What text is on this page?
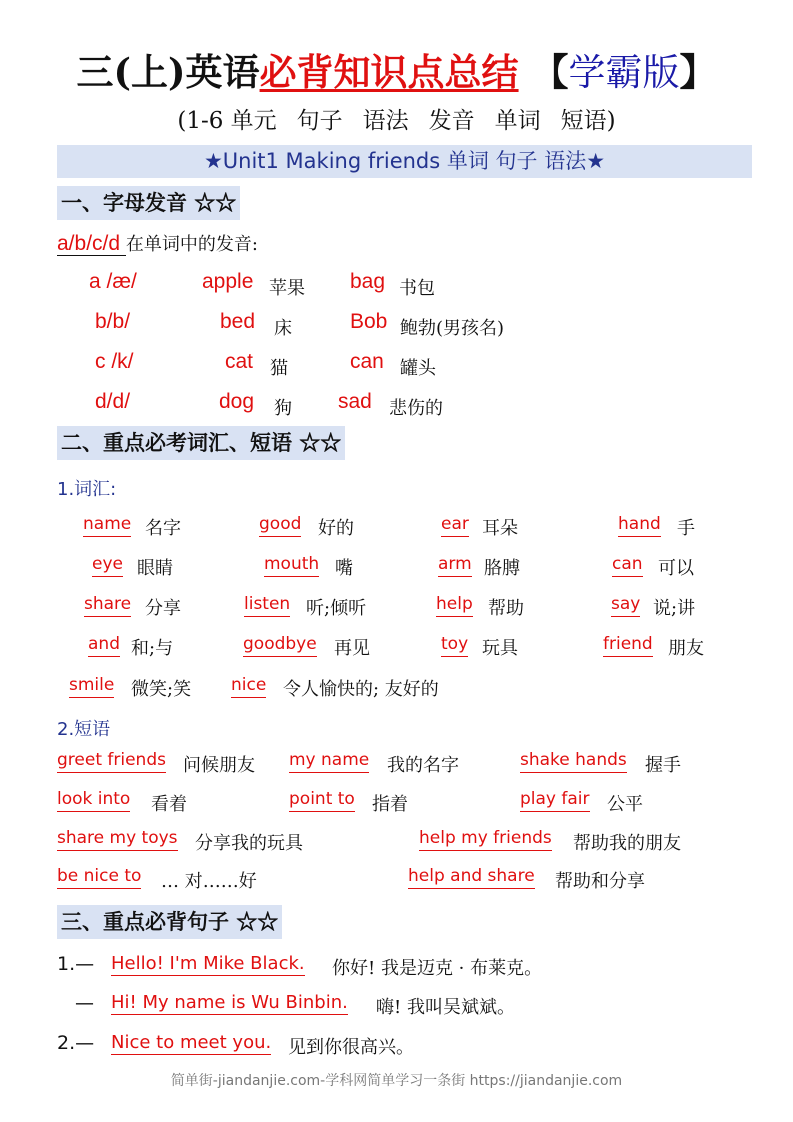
三(上)英语必背知识点总结 【学霸版】
(1-6 单元 句子 语法 发音 单词 短语)
★Unit1 Making friends 单词 句子 语法★
一、字母发音 ☆☆
a/b/c/d 在单词中的发音:
a /æ/	apple 苹果 bag 书包
b/b/	bed 床	Bob 鲍勃(男孩名)
c /k/	cat 猫	can 罐头
d/d/	dog 狗 sad 悲伤的
二、重点必考词汇、短语 ☆☆
1.词汇:
name 名字	good 好的	ear 耳朵	hand 手
eye 眼睛	mouth 嘴	arm 胳膊	can 可以
share 分享	listen 听;倾听	help 帮助	say 说;讲
and 和;与	goodbye 再见	toy 玩具	friend 朋友
smile 微笑;笑 nice 令人愉快的; 友好的
2.短语
greet friends 问候朋友 my name 我的名字	shake hands 握手
look into 看着	point to 指着	play fair 公平
share my toys 分享我的玩具	help my friends 帮助我的朋友
be nice to … 对……好	help and share 帮助和分享
三、重点必背句子 ☆☆
1.— Hello! I'm Mike Black. 你好! 我是迈克 · 布莱克。
— Hi! My name is Wu Binbin. 嗨! 我叫吴斌斌。
2.— Nice to meet you. 见到你很高兴。
简单街-jiandanjie.com-学科网简单学习一条街 https://jiandanjie.com
